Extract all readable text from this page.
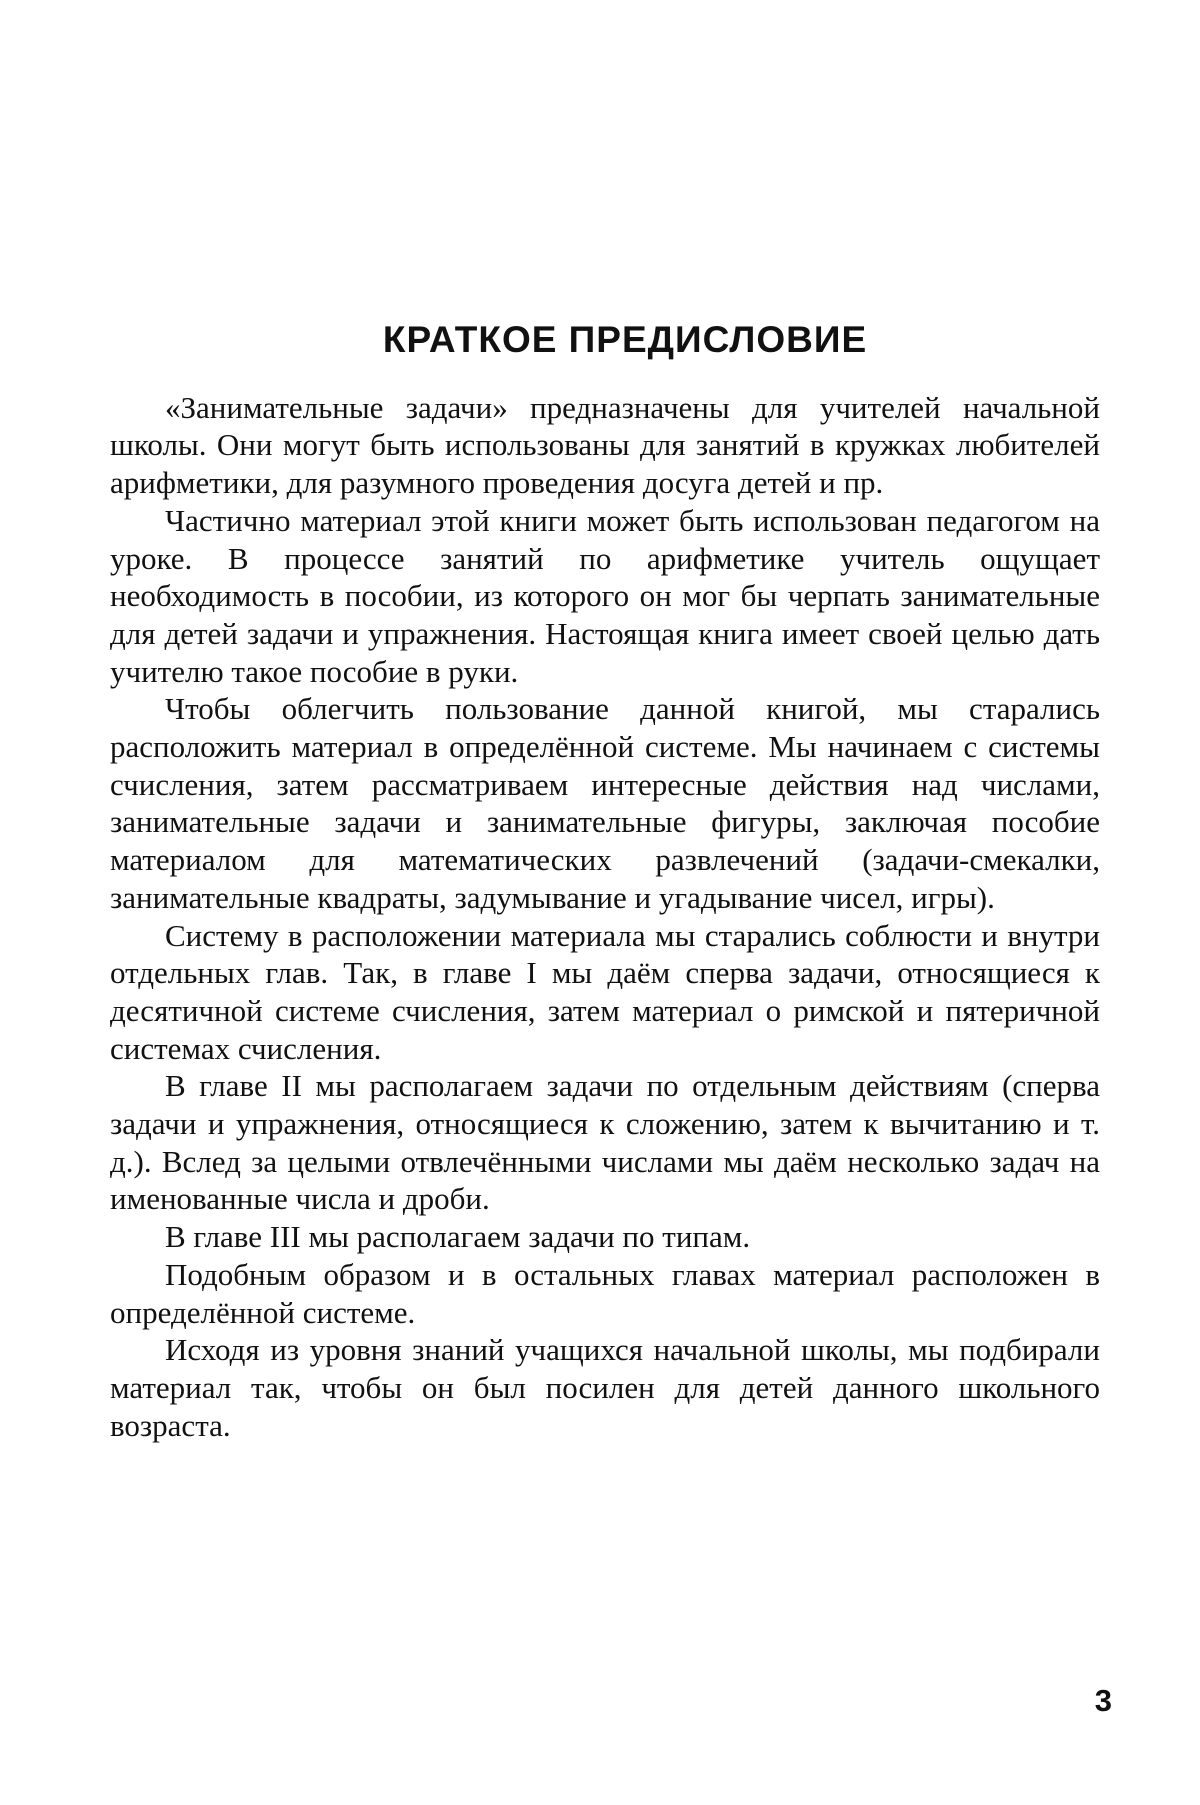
КРАТКОЕ ПРЕДИСЛОВИЕ

«Занимательные задачи» предназначены для учителей начальной школы. Они могут быть использованы для занятий в кружках любителей арифметики, для разумного проведения досуга детей и пр.

Частично материал этой книги может быть использован педагогом на уроке. В процессе занятий по арифметике учитель ощущает необходимость в пособии, из которого он мог бы черпать занимательные для детей задачи и упражнения. Настоящая книга имеет своей целью дать учителю такое пособие в руки.

Чтобы облегчить пользование данной книгой, мы старались расположить материал в определённой системе. Мы начинаем с системы счисления, затем рассматриваем интересные действия над числами, занимательные задачи и занимательные фигуры, заключая пособие материалом для математических развлечений (задачи-смекалки, занимательные квадраты, задумывание и угадывание чисел, игры).

Систему в расположении материала мы старались соблюсти и внутри отдельных глав. Так, в главе I мы даём сперва задачи, относящиеся к десятичной системе счисления, затем материал о римской и пятеричной системах счисления.

В главе II мы располагаем задачи по отдельным действиям (сперва задачи и упражнения, относящиеся к сложению, затем к вычитанию и т. д.). Вслед за целыми отвлечёнными числами мы даём несколько задач на именованные числа и дроби.

В главе III мы располагаем задачи по типам.

Подобным образом и в остальных главах материал расположен в определённой системе.

Исходя из уровня знаний учащихся начальной школы, мы подбирали материал так, чтобы он был посилен для детей данного школьного возраста.

3
